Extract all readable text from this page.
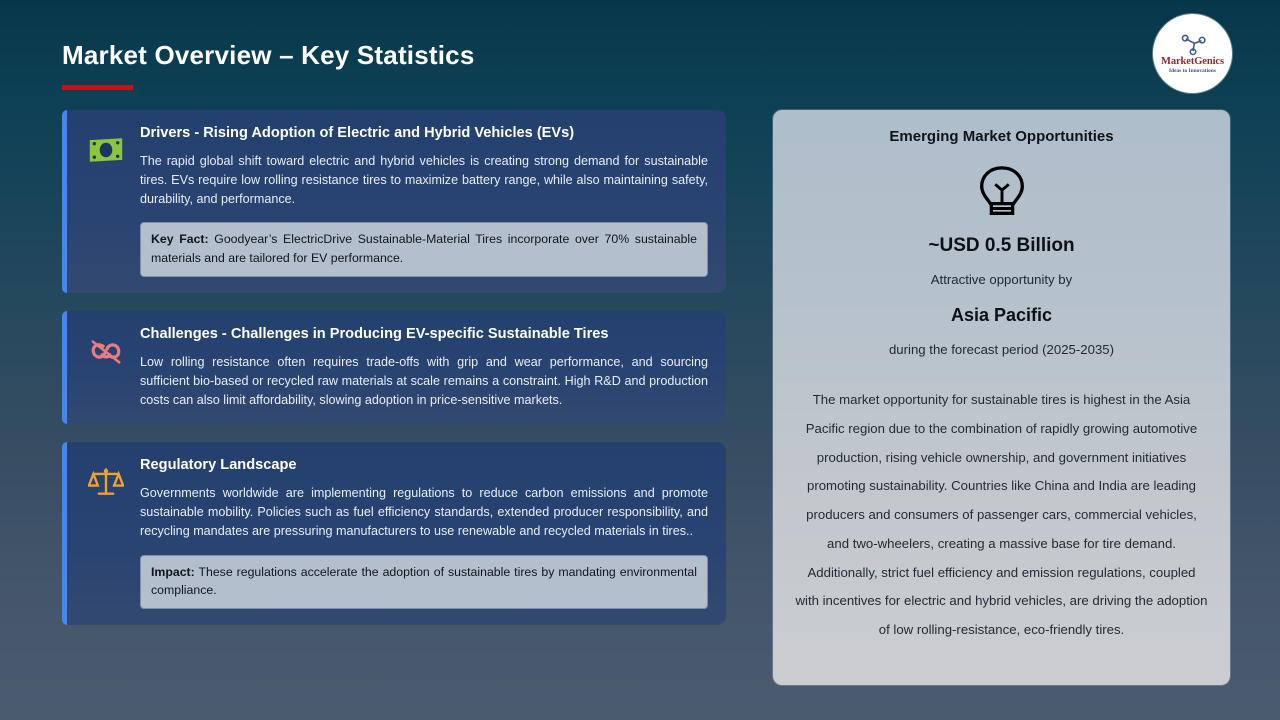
Market Overview – Key Statistics	MarketGenics
Ideas to Innovations
Drivers - Rising Adoption of Electric and Hybrid Vehicles (EVs)
The rapid global shift toward electric and hybrid vehicles is creating strong demand for sustainable tires. EVs require low rolling resistance tires to maximize battery range, while also maintaining safety, durability, and performance.
Key Fact: Goodyear’s ElectricDrive Sustainable-Material Tires incorporate over 70% sustainable materials and are tailored for EV performance.
Challenges - Challenges in Producing EV-specific Sustainable Tires
Low rolling resistance often requires trade-offs with grip and wear performance, and sourcing sufficient bio-based or recycled raw materials at scale remains a constraint. High R&D and production costs can also limit affordability, slowing adoption in price-sensitive markets.
Regulatory Landscape
Governments worldwide are implementing regulations to reduce carbon emissions and promote sustainable mobility. Policies such as fuel efficiency standards, extended producer responsibility, and recycling mandates are pressuring manufacturers to use renewable and recycled materials in tires..
Impact: These regulations accelerate the adoption of sustainable tires by mandating environmental compliance.
Emerging Market Opportunities
~USD 0.5 Billion
Attractive opportunity by
Asia Pacific
during the forecast period (2025-2035)
The market opportunity for sustainable tires is highest in the Asia Pacific region due to the combination of rapidly growing automotive production, rising vehicle ownership, and government initiatives promoting sustainability. Countries like China and India are leading producers and consumers of passenger cars, commercial vehicles, and two-wheelers, creating a massive base for tire demand. Additionally, strict fuel efficiency and emission regulations, coupled with incentives for electric and hybrid vehicles, are driving the adoption of low rolling-resistance, eco-friendly tires.
